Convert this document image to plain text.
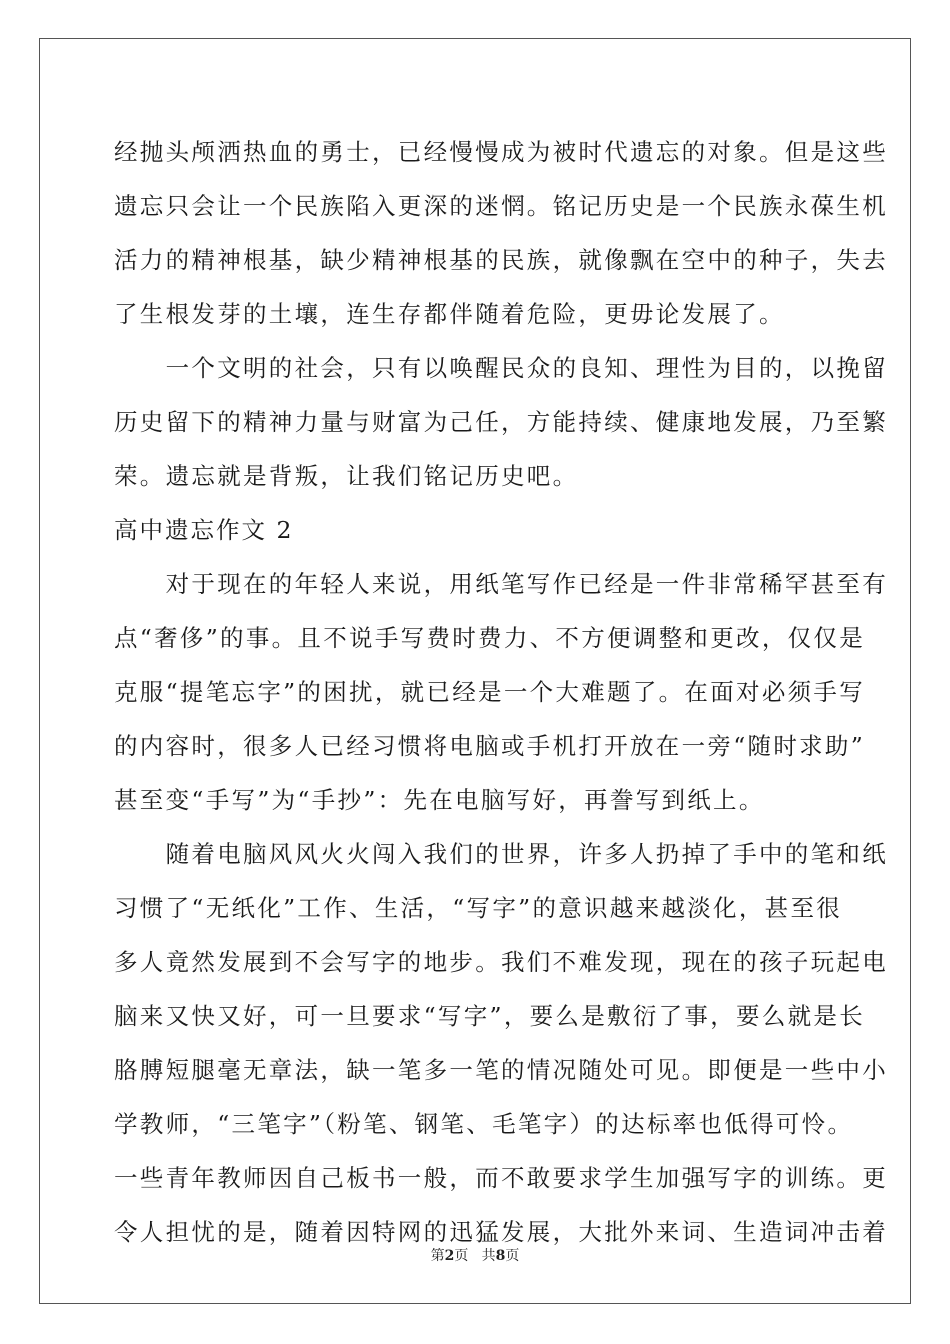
经抛头颅洒热血的勇士，已经慢慢成为被时代遗忘的对象。但是这些
遗忘只会让一个民族陷入更深的迷惘。铭记历史是一个民族永葆生机
活力的精神根基，缺少精神根基的民族，就像飘在空中的种子，失去
了生根发芽的土壤，连生存都伴随着危险，更毋论发展了。
　　一个文明的社会，只有以唤醒民众的良知、理性为目的，以挽留
历史留下的精神力量与财富为己任，方能持续、健康地发展，乃至繁
荣。遗忘就是背叛，让我们铭记历史吧。
高中遗忘作文 2
　　对于现在的年轻人来说，用纸笔写作已经是一件非常稀罕甚至有
点“奢侈”的事。且不说手写费时费力、不方便调整和更改，仅仅是
克服“提笔忘字”的困扰，就已经是一个大难题了。在面对必须手写
的内容时，很多人已经习惯将电脑或手机打开放在一旁“随时求助”
甚至变“手写”为“手抄”：先在电脑写好，再誊写到纸上。
　　随着电脑风风火火闯入我们的世界，许多人扔掉了手中的笔和纸
习惯了“无纸化”工作、生活，“写字”的意识越来越淡化，甚至很
多人竟然发展到不会写字的地步。我们不难发现，现在的孩子玩起电
脑来又快又好，可一旦要求“写字”，要么是敷衍了事，要么就是长
胳膊短腿毫无章法，缺一笔多一笔的情况随处可见。即便是一些中小
学教师，“三笔字”（粉笔、钢笔、毛笔字）的达标率也低得可怜。
一些青年教师因自己板书一般，而不敢要求学生加强写字的训练。更
令人担忧的是，随着因特网的迅猛发展，大批外来词、生造词冲击着
第2页 共8页
